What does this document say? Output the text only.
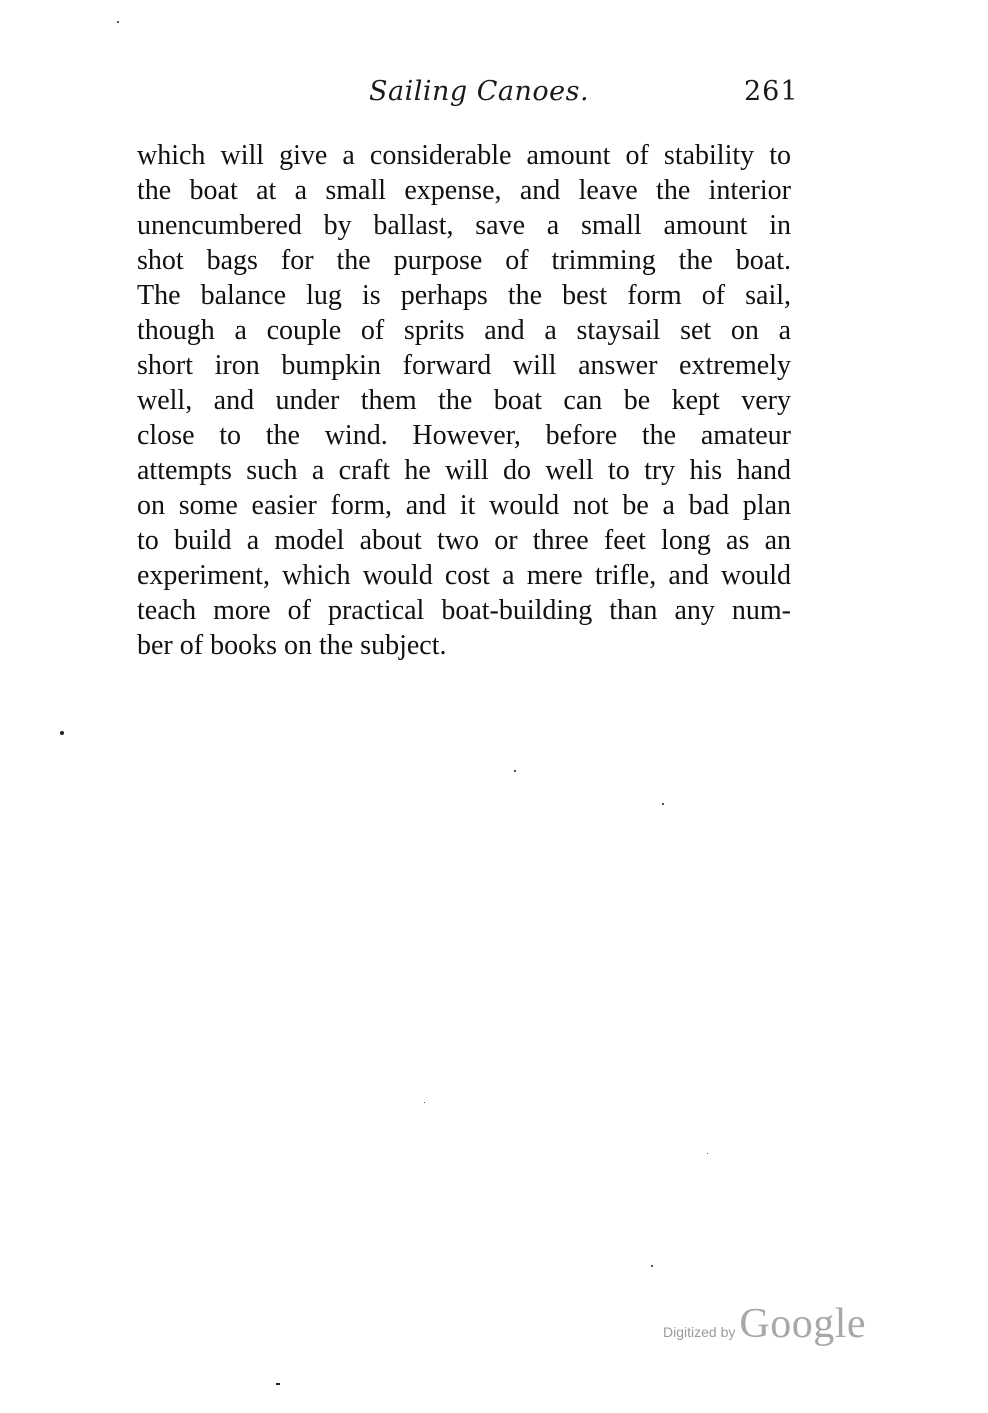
Sailing Canoes.	261
which will give a considerable amount of stability to
the boat at a small expense, and leave the interior
unencumbered by ballast, save a small amount in
shot bags for the purpose of trimming the boat.
The balance lug is perhaps the best form of sail,
though a couple of sprits and a staysail set on a
short iron bumpkin forward will answer extremely
well, and under them the boat can be kept very
close to the wind. However, before the amateur
attempts such a craft he will do well to try his hand
on some easier form, and it would not be a bad plan
to build a model about two or three feet long as an
experiment, which would cost a mere trifle, and would
teach more of practical boat-building than any num-
ber of books on the subject.
Digitized by Google
